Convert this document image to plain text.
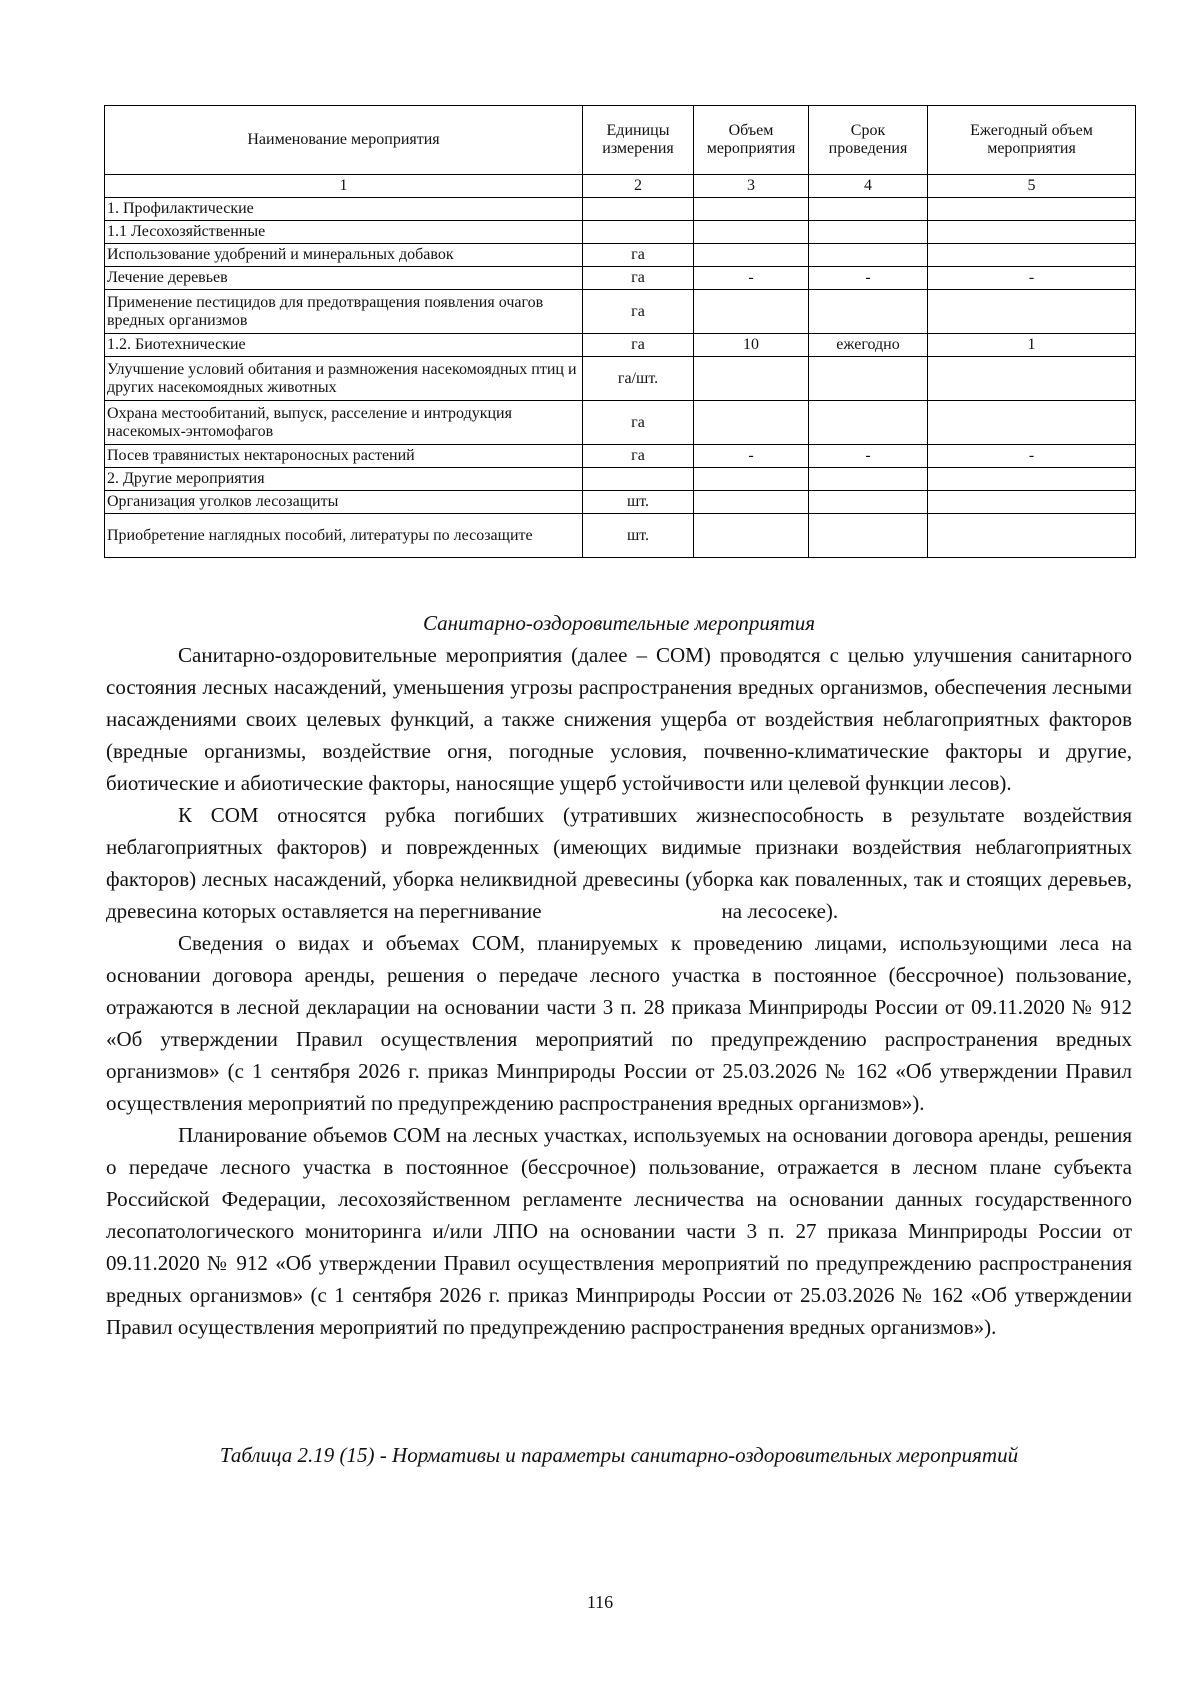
Наименование мероприятия	Единицы измерения	Объем мероприятия	Срок проведения	Ежегодный объем мероприятия
1	2	3	4	5
1. Профилактические				
1.1 Лесохозяйственные				
Использование удобрений и минеральных добавок	га			
Лечение деревьев	га	-	-	-
Применение пестицидов для предотвращения появления очагов вредных организмов	га			
1.2. Биотехнические	га	10	ежегодно	1
Улучшение условий обитания и размножения насекомоядных птиц и других насекомоядных животных	га/шт.			
Охрана местообитаний, выпуск, расселение и интродукция насекомых-энтомофагов	га			
Посев травянистых нектароносных растений	га	-	-	-
2. Другие мероприятия				
Организация уголков лесозащиты	шт.			
Приобретение наглядных пособий, литературы по лесозащите	шт.			
Санитарно-оздоровительные мероприятия

Санитарно-оздоровительные мероприятия (далее – СОМ) проводятся с целью улучшения санитарного состояния лесных насаждений, уменьшения угрозы распространения вредных организмов, обеспечения лесными насаждениями своих целевых функций, а также снижения ущерба от воздействия неблагоприятных факторов (вредные организмы, воздействие огня, погодные условия, почвенно-климатические факторы и другие, биотические и абиотические факторы, наносящие ущерб устойчивости или целевой функции лесов).

К СОМ относятся рубка погибших (утративших жизнеспособность в результате воздействия неблагоприятных факторов) и поврежденных (имеющих видимые признаки воздействия неблагоприятных факторов) лесных насаждений, уборка неликвидной древесины (уборка как поваленных, так и стоящих деревьев, древесина которых оставляется на перегнивание	на лесосеке).

Сведения о видах и объемах СОМ, планируемых к проведению лицами, использующими леса на основании договора аренды, решения о передаче лесного участка в постоянное (бессрочное) пользование, отражаются в лесной декларации на основании части 3 п. 28 приказа Минприроды России от 09.11.2020 № 912 «Об утверждении Правил осуществления мероприятий по предупреждению распространения вредных организмов» (с 1 сентября 2026 г. приказ Минприроды России от 25.03.2026 № 162 «Об утверждении Правил осуществления мероприятий по предупреждению распространения вредных организмов»).

Планирование объемов СОМ на лесных участках, используемых на основании договора аренды, решения о передаче лесного участка в постоянное (бессрочное) пользование, отражается в лесном плане субъекта Российской Федерации, лесохозяйственном регламенте лесничества на основании данных государственного лесопатологического мониторинга и/или ЛПО на основании части 3 п. 27 приказа Минприроды России от 09.11.2020 № 912 «Об утверждении Правил осуществления мероприятий по предупреждению распространения вредных организмов» (с 1 сентября 2026 г. приказ Минприроды России от 25.03.2026 № 162 «Об утверждении Правил осуществления мероприятий по предупреждению распространения вредных организмов»).

Таблица 2.19 (15) - Нормативы и параметры санитарно-оздоровительных мероприятий
116
